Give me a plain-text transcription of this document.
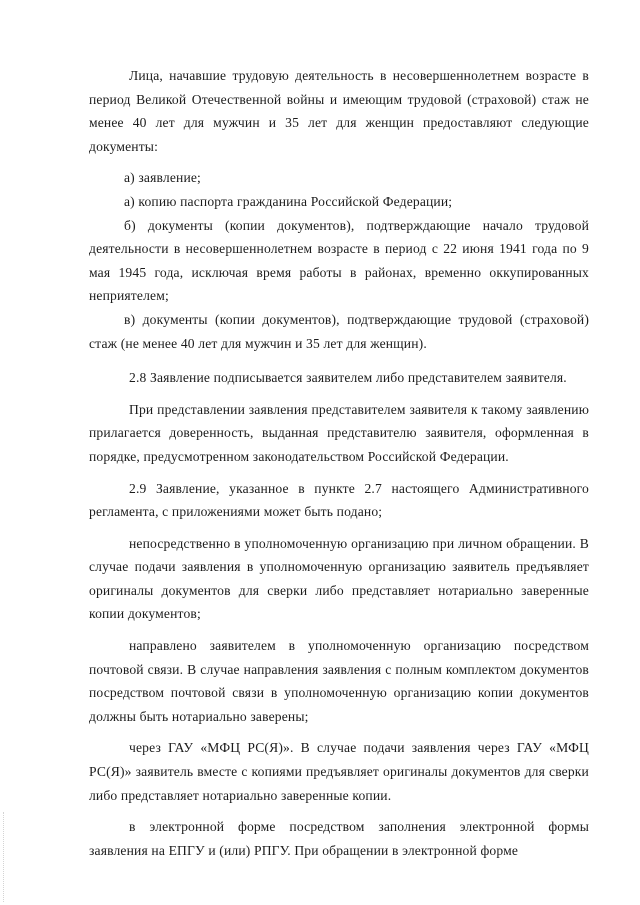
Лица, начавшие трудовую деятельность в несовершеннолетнем возрасте в период Великой Отечественной войны и имеющим трудовой (страховой) стаж не менее 40 лет для мужчин и 35 лет для женщин предоставляют следующие документы:

а) заявление;

а) копию паспорта гражданина Российской Федерации;

б) документы (копии документов), подтверждающие начало трудовой деятельности в несовершеннолетнем возрасте в период с 22 июня 1941 года по 9 мая 1945 года, исключая время работы в районах, временно оккупированных неприятелем;

в) документы (копии документов), подтверждающие трудовой (страховой) стаж (не менее 40 лет для мужчин и 35 лет для женщин).

2.8 Заявление подписывается заявителем либо представителем заявителя.

При представлении заявления представителем заявителя к такому заявлению прилагается доверенность, выданная представителю заявителя, оформленная в порядке, предусмотренном законодательством Российской Федерации.

2.9 Заявление, указанное в пункте 2.7 настоящего Административного регламента, с приложениями может быть подано;

непосредственно в уполномоченную организацию при личном обращении. В случае подачи заявления в уполномоченную организацию заявитель предъявляет оригиналы документов для сверки либо представляет нотариально заверенные копии документов;

направлено заявителем в уполномоченную организацию посредством почтовой связи. В случае направления заявления с полным комплектом документов посредством почтовой связи в уполномоченную организацию копии документов должны быть нотариально заверены;

через ГАУ «МФЦ РС(Я)». В случае подачи заявления через ГАУ «МФЦ РС(Я)» заявитель вместе с копиями предъявляет оригиналы документов для сверки либо представляет нотариально заверенные копии.

в электронной форме посредством заполнения электронной формы заявления на ЕПГУ и (или) РПГУ. При обращении в электронной форме
